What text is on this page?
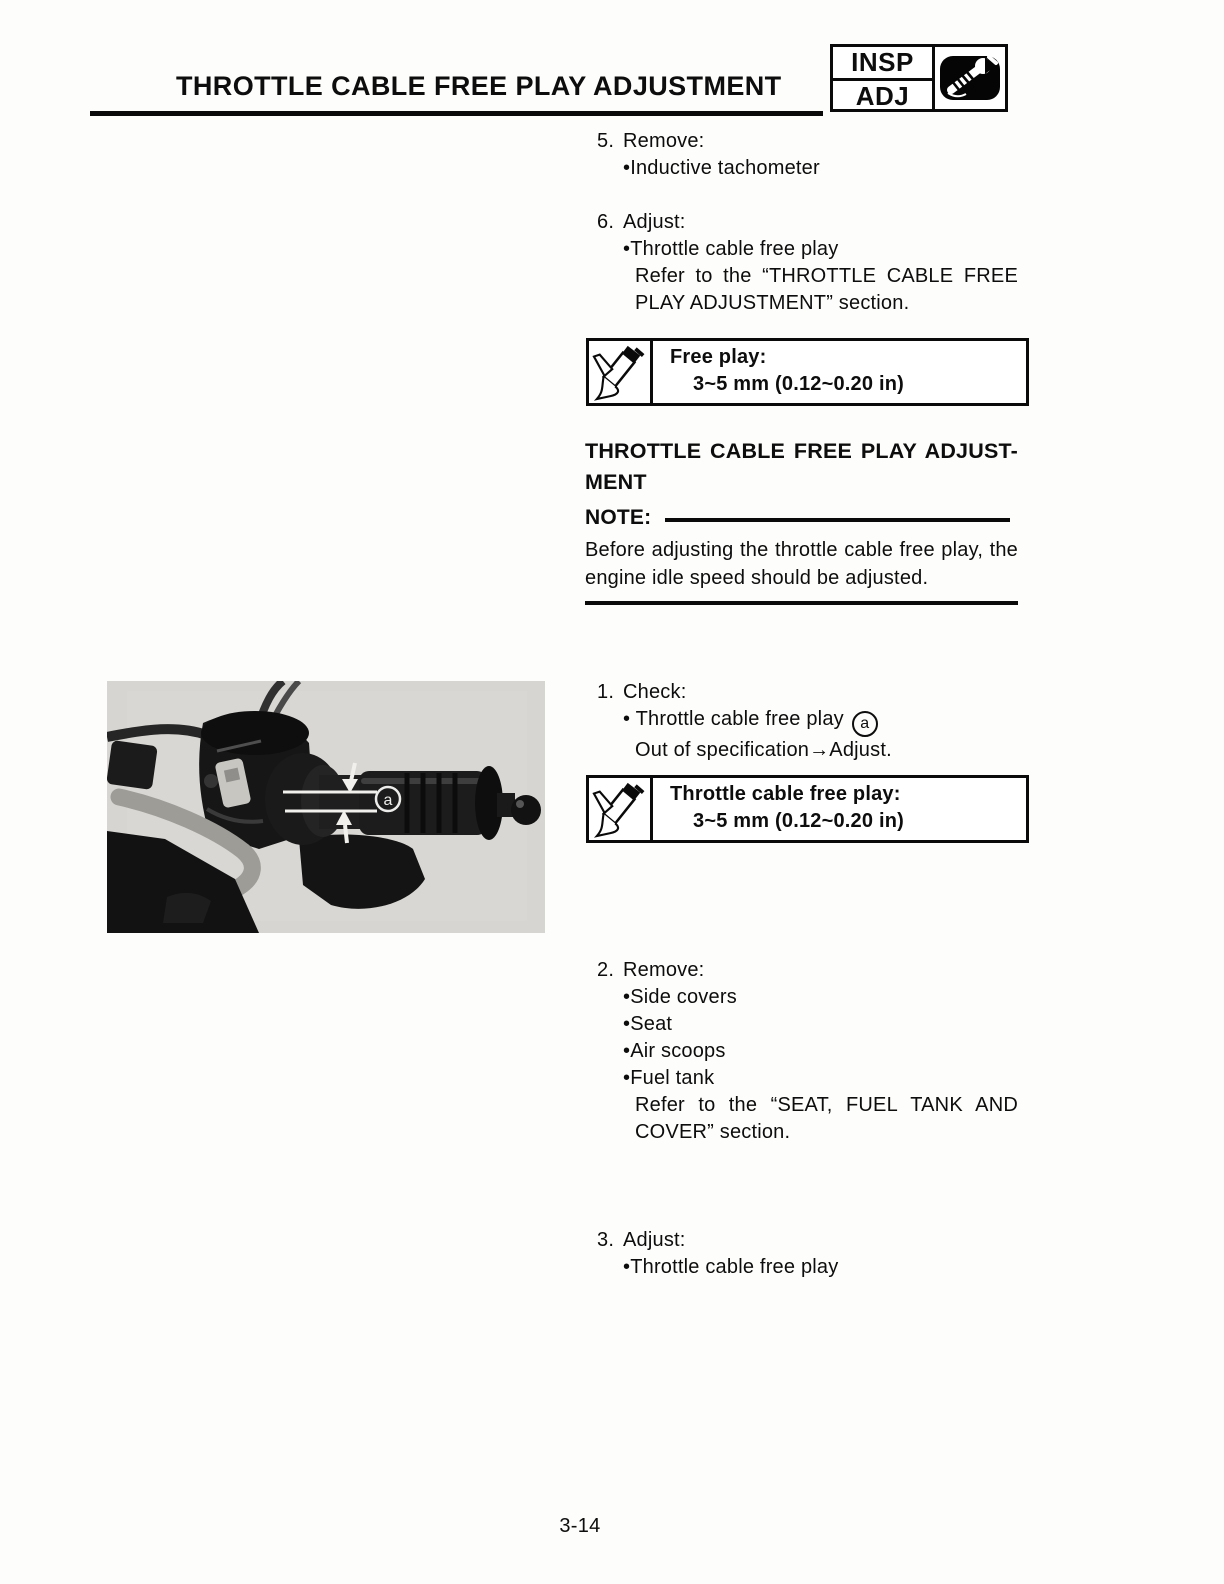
THROTTLE CABLE FREE PLAY ADJUSTMENT
INSP
ADJ
5. Remove:
• Inductive tachometer
6. Adjust:
• Throttle cable free play
Refer to the “THROTTLE CABLE FREE
PLAY ADJUSTMENT” section.
Free play:
3~5 mm (0.12~0.20 in)
THROTTLE CABLE FREE PLAY ADJUST-
MENT
NOTE:
Before adjusting the throttle cable free play, the
engine idle speed should be adjusted.
a
1. Check:
• Throttle cable free play a
Out of specification→Adjust.
Throttle cable free play:
3~5 mm (0.12~0.20 in)
2. Remove:
• Side covers
• Seat
• Air scoops
• Fuel tank
Refer to the “SEAT, FUEL TANK AND
COVER” section.
3. Adjust:
• Throttle cable free play
3-14
